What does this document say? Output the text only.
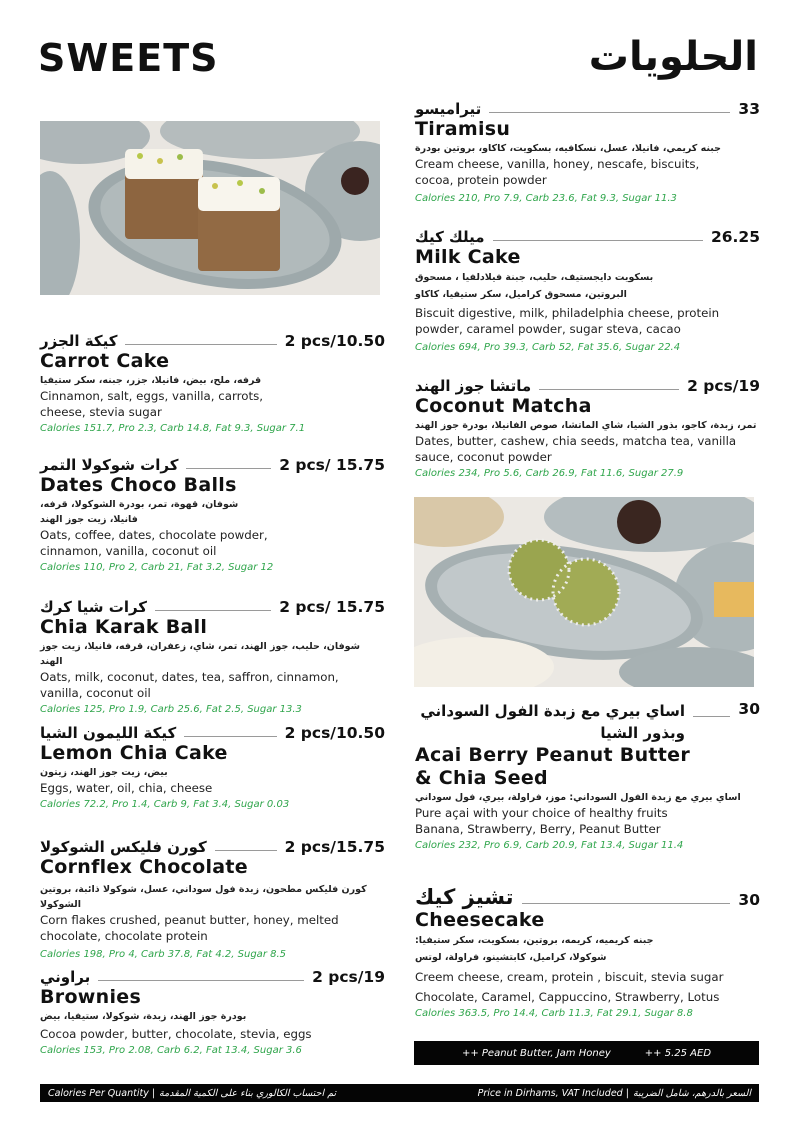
SWEETS	الحلويات
كيكة الجزر	2 pcs/10.50
Carrot Cake
قرفه، ملح، بيض، فانيلا، جزر، جبنه، سكر ستيفيا
Cinnamon, salt, eggs, vanilla, carrots, cheese, stevia sugar
Calories 151.7, Pro 2.3, Carb 14.8, Fat 9.3, Sugar 7.1
كرات شوكولا التمر	2 pcs/ 15.75
Dates Choco Balls
شوفان، قهوة، تمر، بودرة الشوكولا، قرفه، فانيلا، زيت جوز الهند
Oats, coffee, dates, chocolate powder, cinnamon, vanilla, coconut oil
Calories 110, Pro 2, Carb 21, Fat 3.2, Sugar 12
كرات شيا كرك	2 pcs/ 15.75
Chia Karak Ball
شوفان، حليب، جوز الهند، تمر، شاي، زعفران، قرفه، فانيلا، زيت جوز الهند
Oats, milk, coconut, dates, tea, saffron, cinnamon, vanilla, coconut oil
Calories 125, Pro 1.9, Carb 25.6, Fat 2.5, Sugar 13.3
كيكة الليمون الشيا	2 pcs/10.50
Lemon Chia Cake
بيض، زيت جوز الهند، زيتون
Eggs, water, oil, chia, cheese
Calories 72.2, Pro 1.4, Carb 9, Fat 3.4, Sugar 0.03
كورن فليكس الشوكولا	2 pcs/15.75
Cornflex Chocolate
كورن فليكس مطحون، زبدة فول سوداني، عسل، شوكولا ذائبة، بروتين الشوكولا
Corn flakes crushed, peanut butter, honey, melted chocolate, chocolate protein
Calories 198, Pro 4, Carb 37.8, Fat 4.2, Sugar 8.5
براوني	2 pcs/19
Brownies
بودرة جوز الهند، زبدة، شوكولا، ستيفيا، بيض
Cocoa powder, butter, chocolate, stevia, eggs
Calories 153, Pro 2.08, Carb 6.2, Fat 13.4, Sugar 3.6
تيراميسو	33
Tiramisu
جبنه كريمي، فانيلا، عسل، نسكافيه، بسكويت، كاكاو، بروتين بودرة
Cream cheese, vanilla, honey, nescafe, biscuits, cocoa, protein powder
Calories 210, Pro 7.9, Carb 23.6, Fat 9.3, Sugar 11.3
ميلك كيك	26.25
Milk Cake
بسكويت دايجستيف، حليب، جبنة فيلادلفيا ، مسحوق البروتين، مسحوق كراميل، سكر ستيفيا، كاكاو
Biscuit digestive, milk, philadelphia cheese, protein powder, caramel powder, sugar steva, cacao
Calories 694, Pro 39.3, Carb 52, Fat 35.6, Sugar 22.4
ماتشا جوز الهند	2 pcs/19
Coconut Matcha
تمر، زبدة، كاجو، بذور الشيا، شاي الماتشا، صوص الفانيلا، بودرة جوز الهند
Dates, butter, cashew, chia seeds, matcha tea, vanilla sauce, coconut powder
Calories 234, Pro 5.6, Carb 26.9, Fat 11.6, Sugar 27.9
اساي بيري مع زبدة الفول السوداني وبذور الشيا
30
Acai Berry Peanut Butter & Chia Seed
اساي بيري مع زبدة الفول السوداني: موز، فراولة، بيري، فول سوداني
Pure açai with your choice of healthy fruits Banana, Strawberry, Berry, Peanut Butter
Calories 232, Pro 6.9, Carb 20.9, Fat 13.4, Sugar 11.4
تشيز كيك	30
Cheesecake
جبنه كريميه، كريمه، بروتين، بسكويت، سكر ستيفيا: شوكولا، كراميل، كابتشينو، فراولة، لوتس
Creem cheese, cream, protein , biscuit, stevia sugar
Chocolate, Caramel, Cappuccino, Strawberry, Lotus
Calories 363.5, Pro 14.4, Carb 11.3, Fat 29.1, Sugar 8.8
++ Peanut Butter, Jam Honey	++ 5.25 AED
Calories Per Quantity | تم احتساب الكالوري بناء على الكمية المقدمة	Price in Dirhams, VAT Included | السعر بالدرهم، شامل الضريبة
